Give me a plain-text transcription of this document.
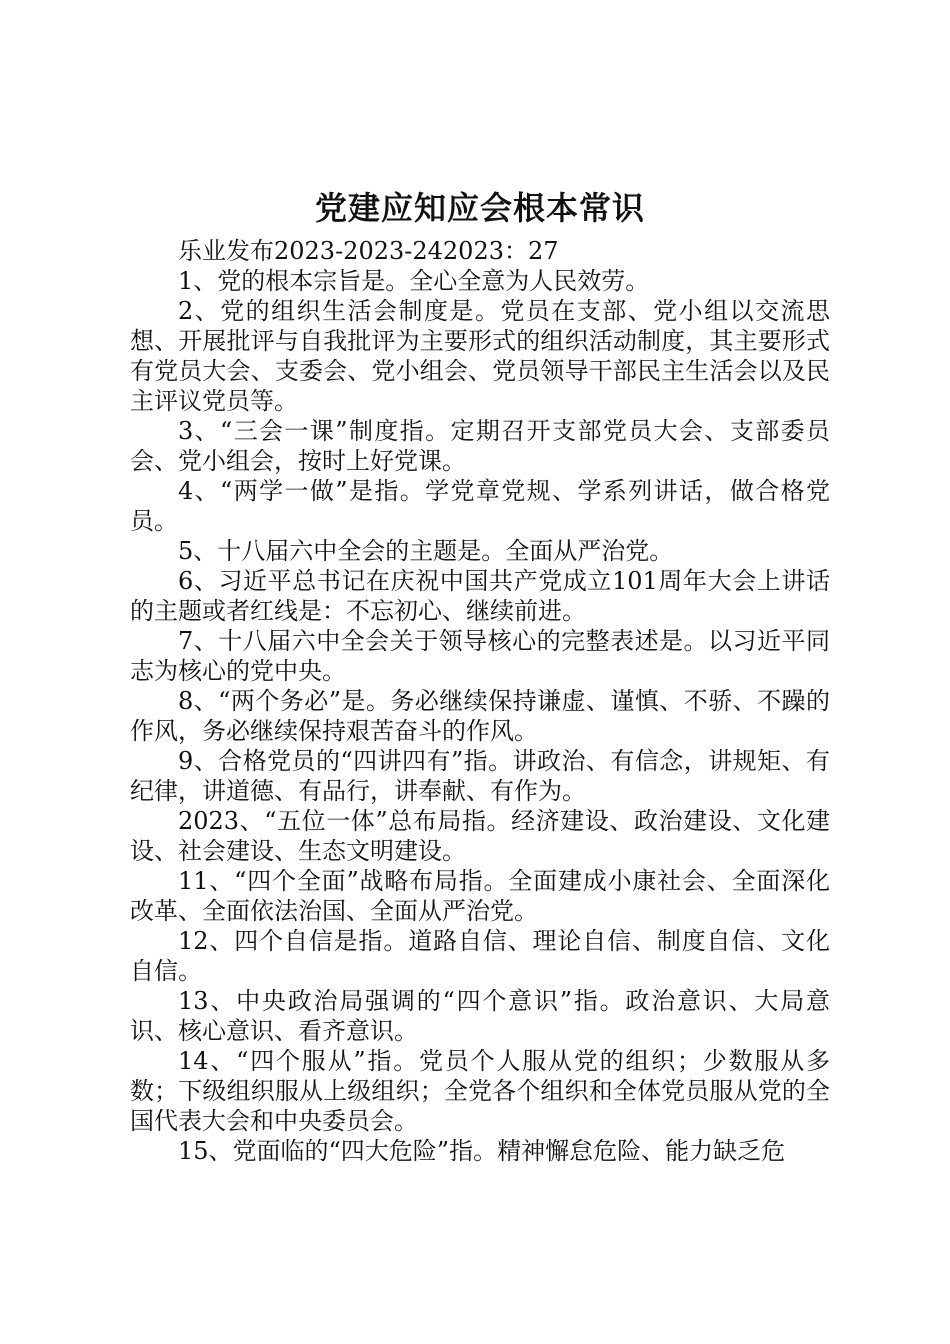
党建应知应会根本常识

乐业发布2023-2023-242023：27

1、党的根本宗旨是。全心全意为人民效劳。

2、党的组织生活会制度是。党员在支部、党小组以交流思想、开展批评与自我批评为主要形式的组织活动制度，其主要形式有党员大会、支委会、党小组会、党员领导干部民主生活会以及民主评议党员等。

3、“三会一课”制度指。定期召开支部党员大会、支部委员会、党小组会，按时上好党课。

4、“两学一做”是指。学党章党规、学系列讲话，做合格党员。

5、十八届六中全会的主题是。全面从严治党。

6、习近平总书记在庆祝中国共产党成立101周年大会上讲话的主题或者红线是：不忘初心、继续前进。

7、十八届六中全会关于领导核心的完整表述是。以习近平同志为核心的党中央。

8、“两个务必”是。务必继续保持谦虚、谨慎、不骄、不躁的作风，务必继续保持艰苦奋斗的作风。

9、合格党员的“四讲四有”指。讲政治、有信念，讲规矩、有纪律，讲道德、有品行，讲奉献、有作为。

2023、“五位一体”总布局指。经济建设、政治建设、文化建设、社会建设、生态文明建设。

11、“四个全面”战略布局指。全面建成小康社会、全面深化改革、全面依法治国、全面从严治党。

12、四个自信是指。道路自信、理论自信、制度自信、文化自信。

13、中央政治局强调的“四个意识”指。政治意识、大局意识、核心意识、看齐意识。

14、“四个服从”指。党员个人服从党的组织；少数服从多数；下级组织服从上级组织；全党各个组织和全体党员服从党的全国代表大会和中央委员会。

15、党面临的“四大危险”指。精神懈怠危险、能力缺乏危
